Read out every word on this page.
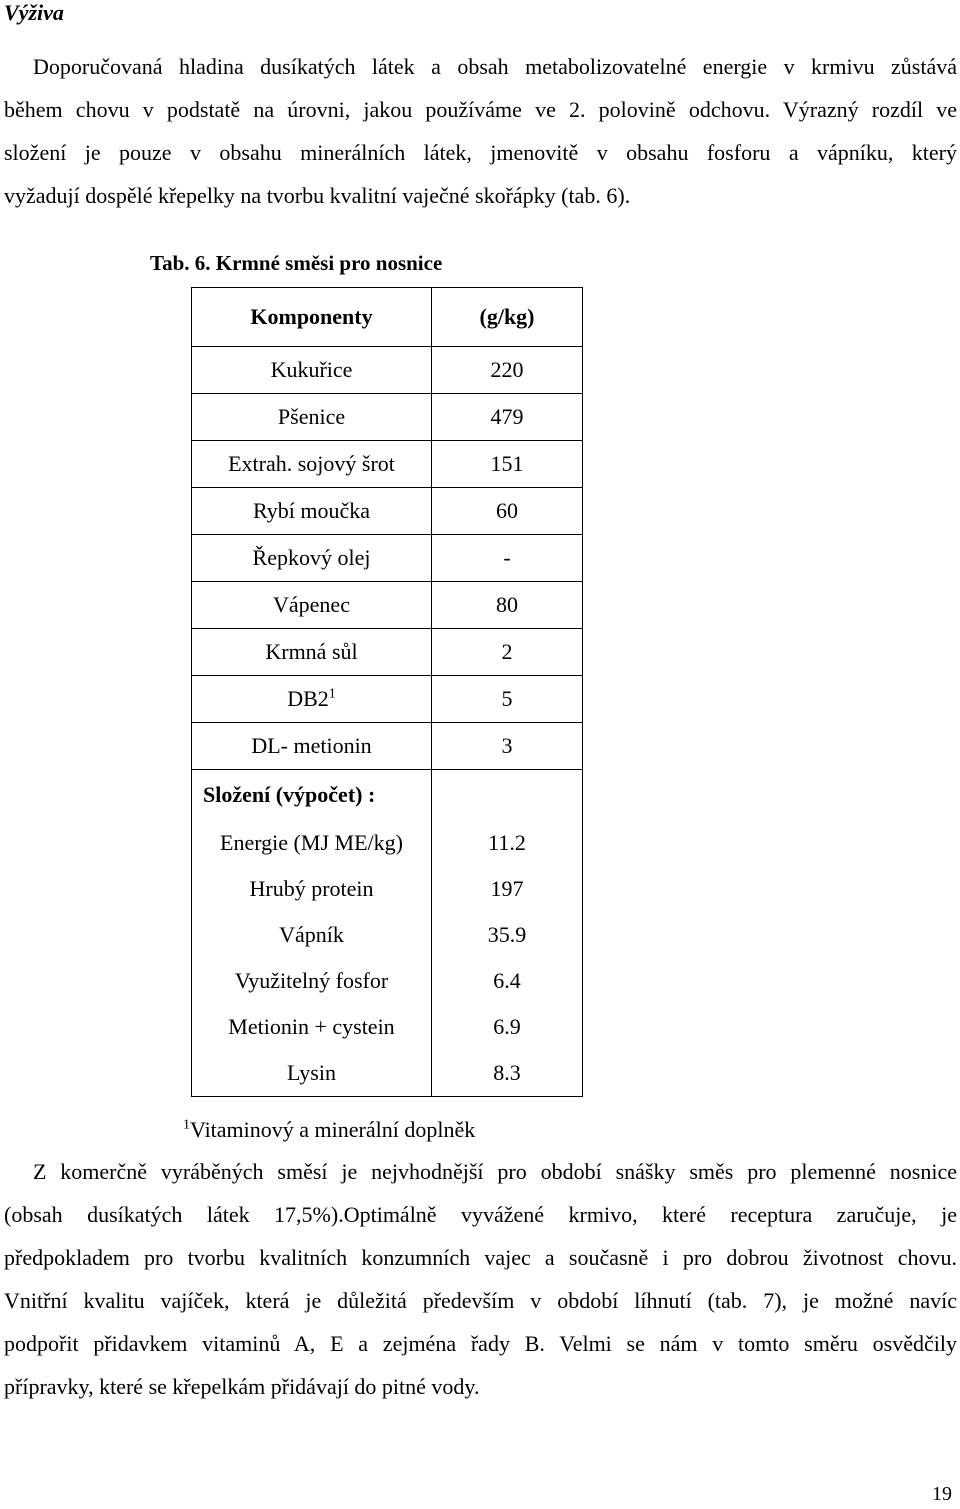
Výživa
Doporučovaná hladina dusíkatých látek a obsah metabolizovatelné energie v krmivu zůstává
během chovu v podstatě na úrovni, jakou používáme ve 2. polovině odchovu. Výrazný rozdíl ve
složení je pouze v obsahu minerálních látek, jmenovitě v obsahu fosforu a vápníku, který
vyžadují dospělé křepelky na tvorbu kvalitní vaječné skořápky (tab. 6).
Tab. 6. Krmné směsi pro nosnice
Komponenty	(g/kg)
Kukuřice	220
Pšenice	479
Extrah. sojový šrot	151
Rybí moučka	60
Řepkový olej	-
Vápenec	80
Krmná sůl	2
$DB2^1$	5
DL- metionin	3
Složení (výpočet) :	
Energie (MJ ME/kg)	11.2
Hrubý protein	197
Vápník	35.9
Využitelný fosfor	6.4
Metionin + cystein	6.9
Lysin	8.3
$^1$Vitaminový a minerální doplněk
Z komerčně vyráběných směsí je nejvhodnější pro období snášky směs pro plemenné nosnice
(obsah dusíkatých látek 17,5%).Optimálně vyvážené krmivo, které receptura zaručuje, je
předpokladem pro tvorbu kvalitních konzumních vajec a současně i pro dobrou životnost chovu.
Vnitřní kvalitu vajíček, která je důležitá především v období líhnutí (tab. 7), je možné navíc
podpořit přidavkem vitaminů A, E a zejména řady B. Velmi se nám v tomto směru osvědčily
přípravky, které se křepelkám přidávají do pitné vody.
19
